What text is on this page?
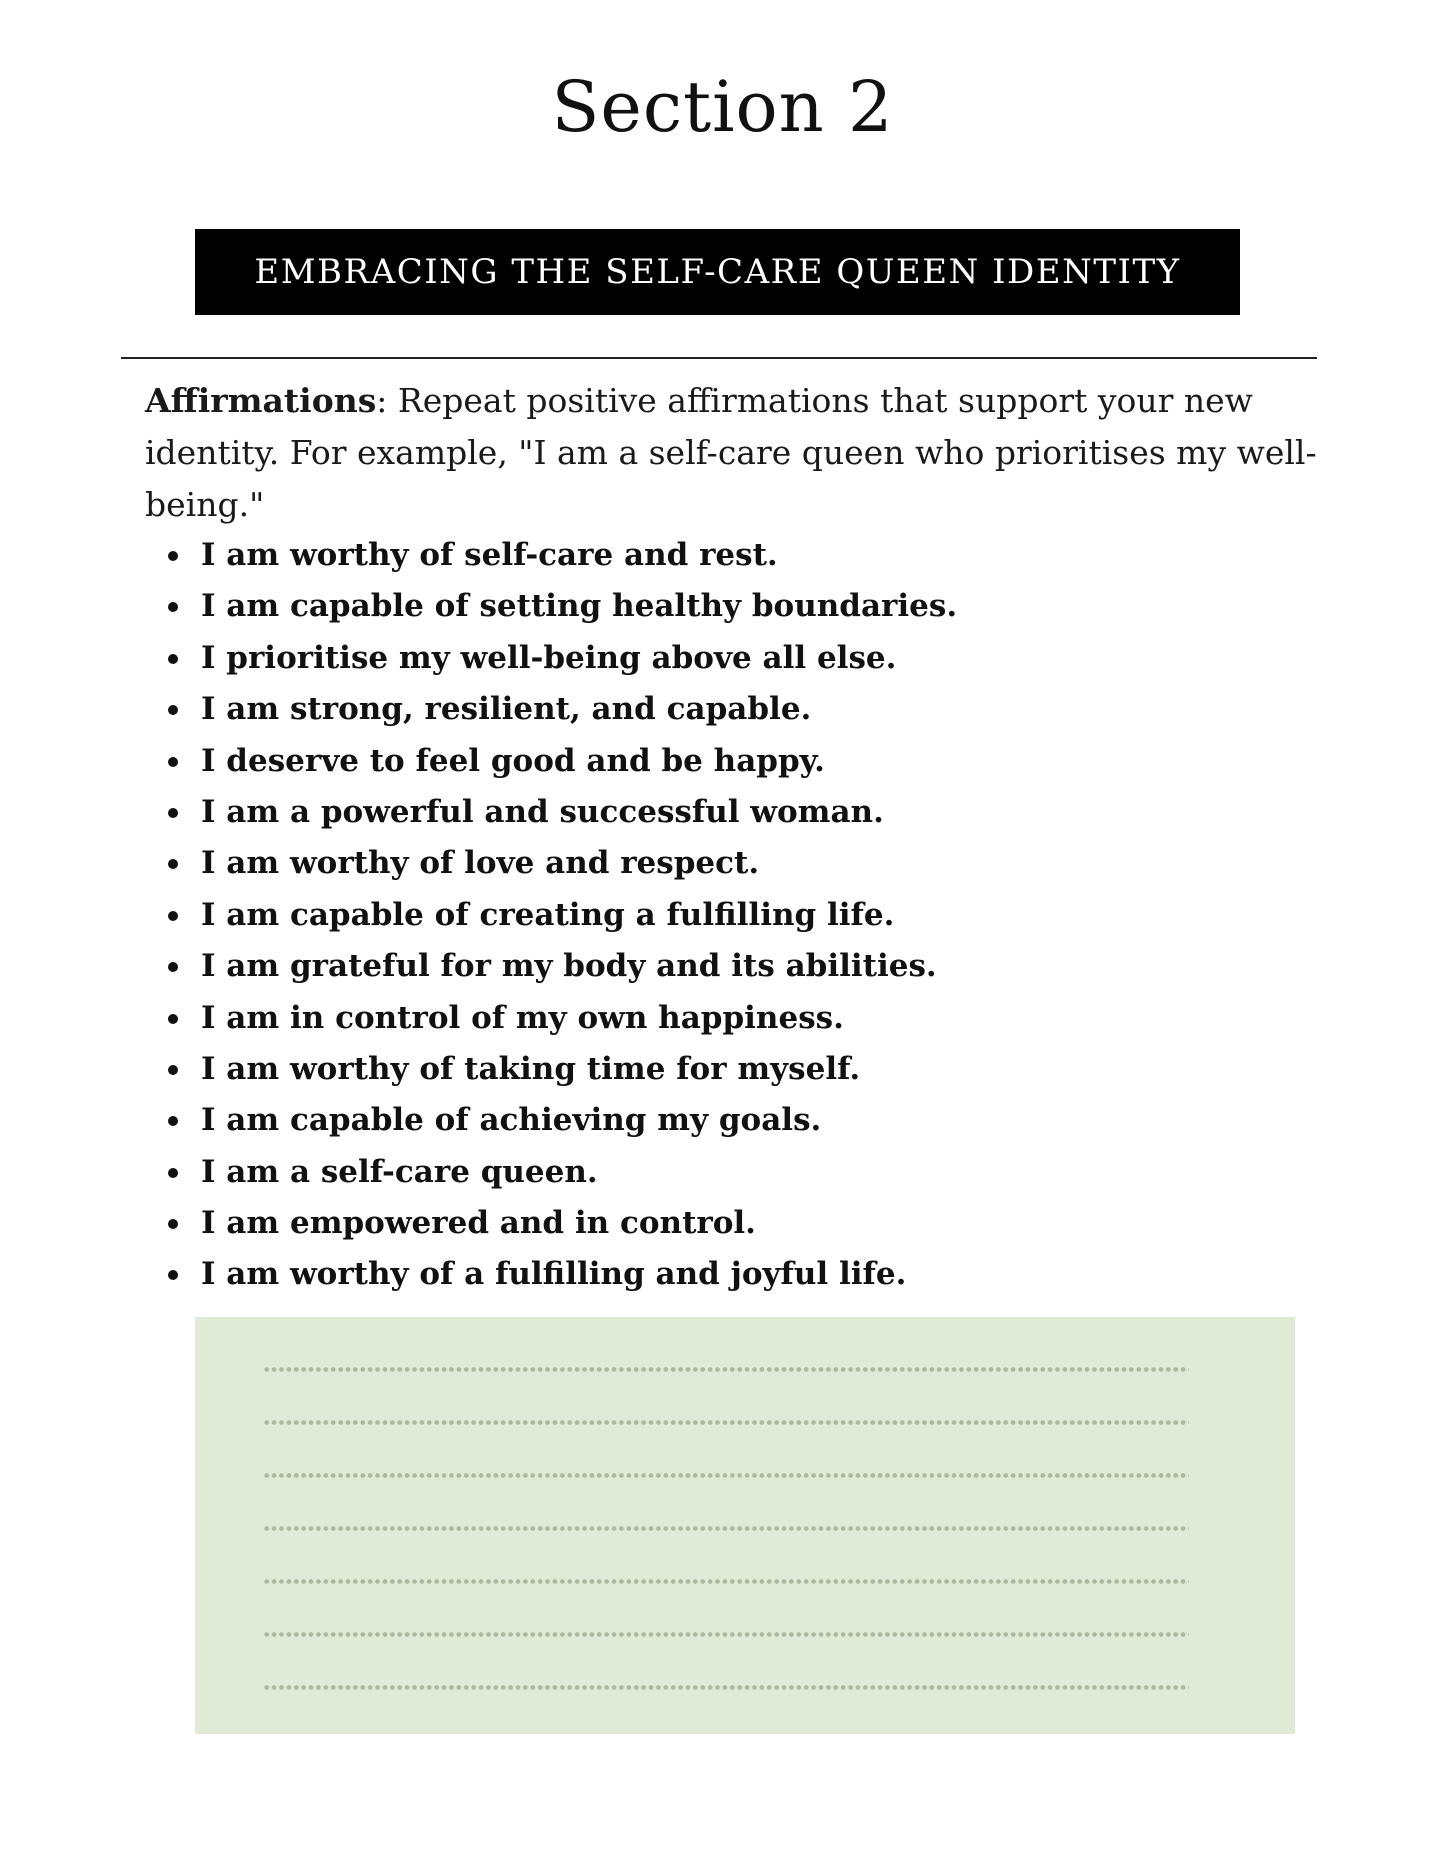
Section 2
EMBRACING THE SELF-CARE QUEEN IDENTITY

Affirmations: Repeat positive affirmations that support your new identity. For example, "I am a self-care queen who prioritises my well-being."

I am worthy of self-care and rest.
I am capable of setting healthy boundaries.
I prioritise my well-being above all else.
I am strong, resilient, and capable.
I deserve to feel good and be happy.
I am a powerful and successful woman.
I am worthy of love and respect.
I am capable of creating a fulfilling life.
I am grateful for my body and its abilities.
I am in control of my own happiness.
I am worthy of taking time for myself.
I am capable of achieving my goals.
I am a self-care queen.
I am empowered and in control.
I am worthy of a fulfilling and joyful life.
